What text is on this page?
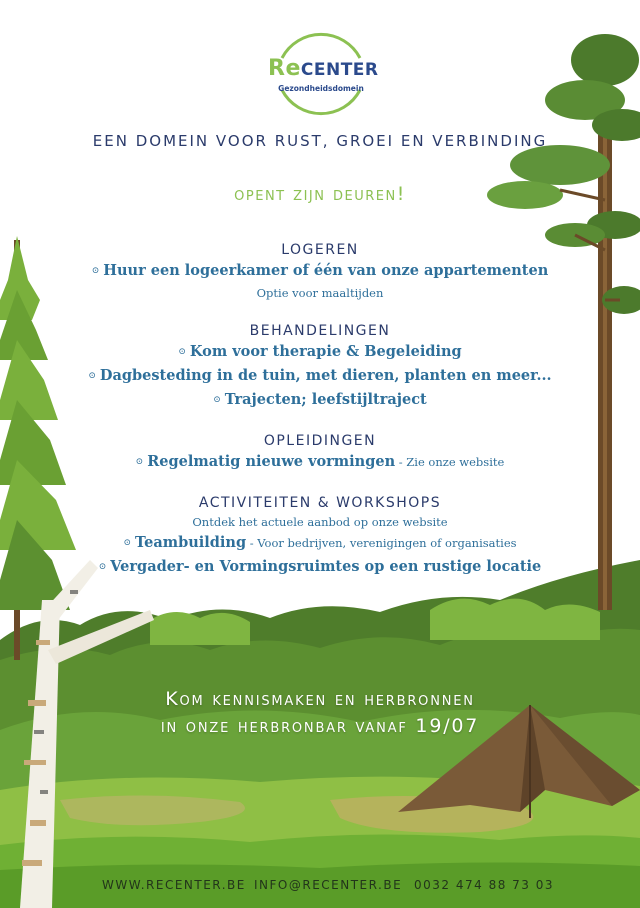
ReCENTER
Gezondheidsdomein
EEN DOMEIN VOOR RUST, GROEI EN VERBINDING
opent zijn deuren!

LOGEREN

⊙ Huur een logeerkamer of één van onze appartementen

Optie voor maaltijden

BEHANDELINGEN

⊙ Kom voor therapie & Begeleiding

⊙ Dagbesteding in de tuin, met dieren, planten en meer...

⊙ Trajecten; leefstijltraject

OPLEIDINGEN

⊙ Regelmatig nieuwe vormingen - Zie onze website

ACTIVITEITEN & WORKSHOPS

Ontdek het actuele aanbod op onze website

⊙ Teambuilding - Voor bedrijven, verenigingen of organisaties

⊙ Vergader- en Vormingsruimtes op een rustige locatie

Kom kennismaken en herbronnen
in onze herbronbar vanaf 19/07
WWW.RECENTER.BE INFO@RECENTER.BE 0032 474 88 73 03
